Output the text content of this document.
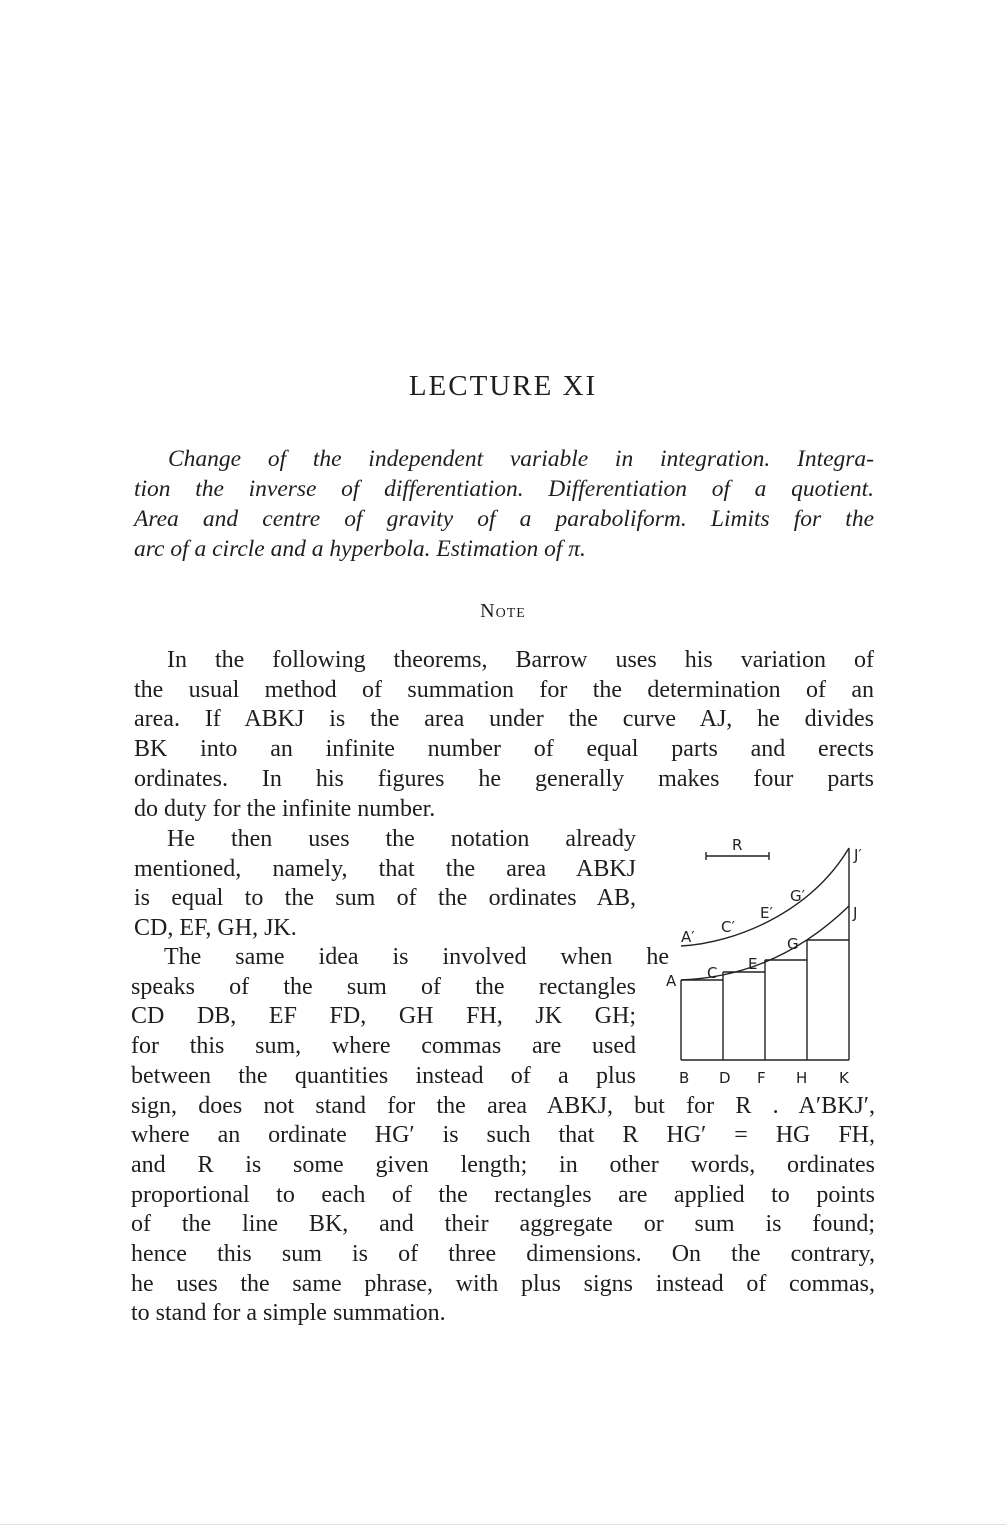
LECTURE XI
Change of the independent variable in integration. Integra-
tion the inverse of differentiation. Differentiation of a quotient.
Area and centre of gravity of a paraboliform. Limits for the
arc of a circle and a hyperbola. Estimation of π.
Note
In the following theorems, Barrow uses his variation of
the usual method of summation for the determination of an
area. If ABKJ is the area under the curve AJ, he divides
BK into an infinite number of equal parts and erects
ordinates. In his figures he generally makes four parts
do duty for the infinite number.
He then uses the notation already
mentioned, namely, that the area ABKJ
is equal to the sum of the ordinates AB,
CD, EF, GH, JK.
The same idea is involved when he
speaks of the sum of the rectangles
CD DB, EF FD, GH FH, JK GH;
for this sum, where commas are used
between the quantities instead of a plus
sign, does not stand for the area ABKJ, but for R . A′BKJ′,
where an ordinate HG′ is such that R HG′ = HG FH,
and R is some given length; in other words, ordinates
proportional to each of the rectangles are applied to points
of the line BK, and their aggregate or sum is found;
hence this sum is of three dimensions. On the contrary,
he uses the same phrase, with plus signs instead of commas,
to stand for a simple summation.
R
J′
J
G′
E′
C′
A′	G
E
C
A
B D F H K
